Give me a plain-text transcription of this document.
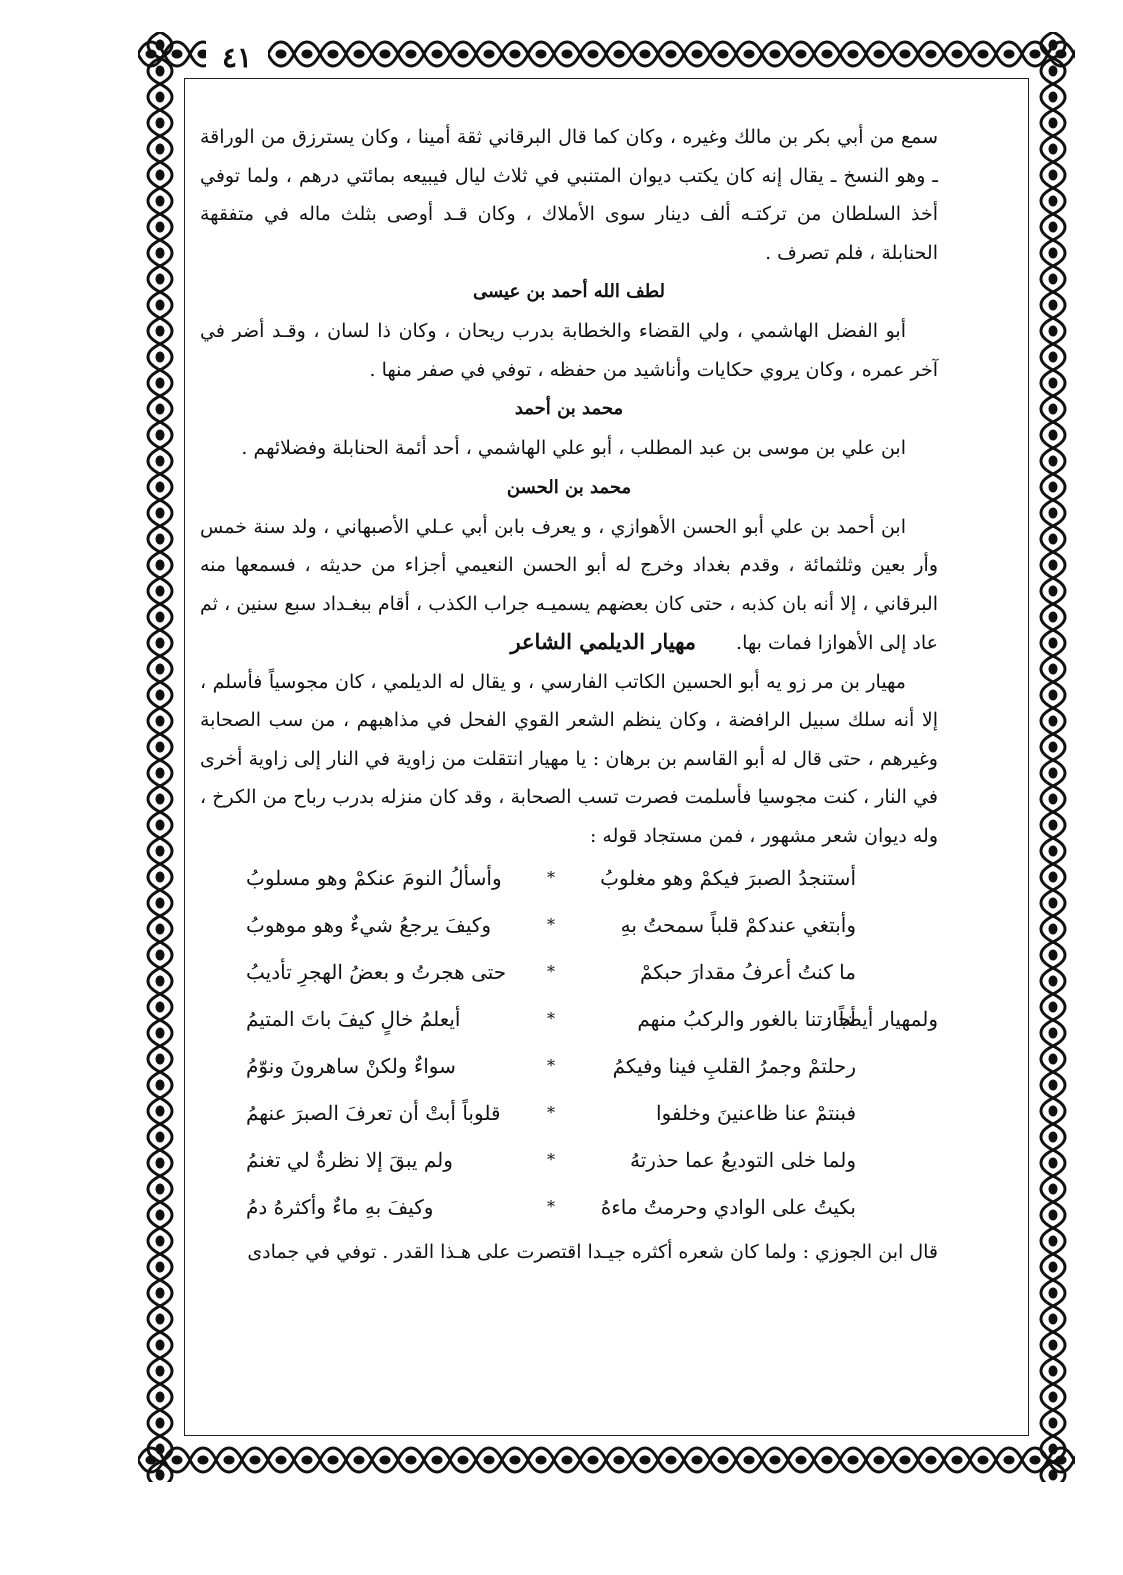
٤١

سمع من أبي بكر بن مالك وغيره ، وكان كما قال البرقاني ثقة أمينا ، وكان يسترزق من الوراقة ـ وهو النسخ ـ يقال إنه كان يكتب ديوان المتنبي في ثلاث ليال فيبيعه بمائتي درهم ، ولما توفي أخذ السلطان من تركتـه ألف دينار سوى الأملاك ، وكان قـد أوصى بثلث ماله في متفقهة الحنابلة ، فلم تصرف .

لطف الله أحمد بن عيسى

أبو الفضل الهاشمي ، ولي القضاء والخطابة بدرب ريحان ، وكان ذا لسان ، وقـد أضر في آخر عمره ، وكان يروي حكايات وأناشيد من حفظه ، توفي في صفر منها .

محمد بن أحمد

ابن علي بن موسى بن عبد المطلب ، أبو علي الهاشمي ، أحد أئمة الحنابلة وفضلائهم .

محمد بن الحسن

ابن أحمد بن علي أبو الحسن الأهوازي ، و يعرف بابن أبي عـلي الأصبهاني ، ولد سنة خمس وأر بعين وثلثمائة ، وقدم بغداد وخرج له أبو الحسن النعيمي أجزاء من حديثه ، فسمعها منه البرقاني ، إلا أنه بان كذبه ، حتى كان بعضهم يسميـه جراب الكذب ، أقام ببغـداد سبع سنين ، ثم عاد إلى الأهوازا فمات بها.مهيار الديلمي الشاعر

مهيار بن مر زو يه أبو الحسين الكاتب الفارسي ، و يقال له الديلمي ، كان مجوسياً فأسلم ، إلا أنه سلك سبيل الرافضة ، وكان ينظم الشعر القوي الفحل في مذاهبهم ، من سب الصحابة وغيرهم ، حتى قال له أبو القاسم بن برهان : يا مهيار انتقلت من زاوية في النار إلى زاوية أخرى في النار ، كنت مجوسيا فأسلمت فصرت تسب الصحابة ، وقد كان منزله بدرب رباح من الكرخ ، وله ديوان شعر مشهور ، فمن مستجاد قوله :

أستنجدُ الصبرَ فيكمْ وهو مغلوبُ
*
وأسألُ النومَ عنكمْ وهو مسلوبُ
وأبتغي عندكمْ قلباً سمحتُ بهِ
*
وكيفَ يرجعُ شيءٌ وهو موهوبُ
ما كنتُ أعرفُ مقدارَ حبكمْ
*
حتى هجرتُ و بعضُ الهجرِ تأديبُ
ولمهيار أيضاً :
أجارتنا بالغور والركبُ منهم
*
أيعلمُ خالٍ كيفَ باتَ المتيمُ
رحلتمْ وجمرُ القلبِ فينا وفيكمُ
*
سواءٌ ولكنْ ساهرونَ ونوّمُ
فبنتمْ عنا ظاعنينَ وخلفوا
*
قلوباً أبتْ أن تعرفَ الصبرَ عنهمُ
ولما خلى التوديعُ عما حذرتهُ
*
ولم يبقَ إلا نظرةٌ لي تغنمُ
بكيتُ على الوادي وحرمتُ ماءهُ
*
وكيفَ بهِ ماءٌ وأكثرهُ دمُ

قال ابن الجوزي : ولما كان شعره أكثره جيـدا اقتصرت على هـذا القدر . توفي في جمادى
